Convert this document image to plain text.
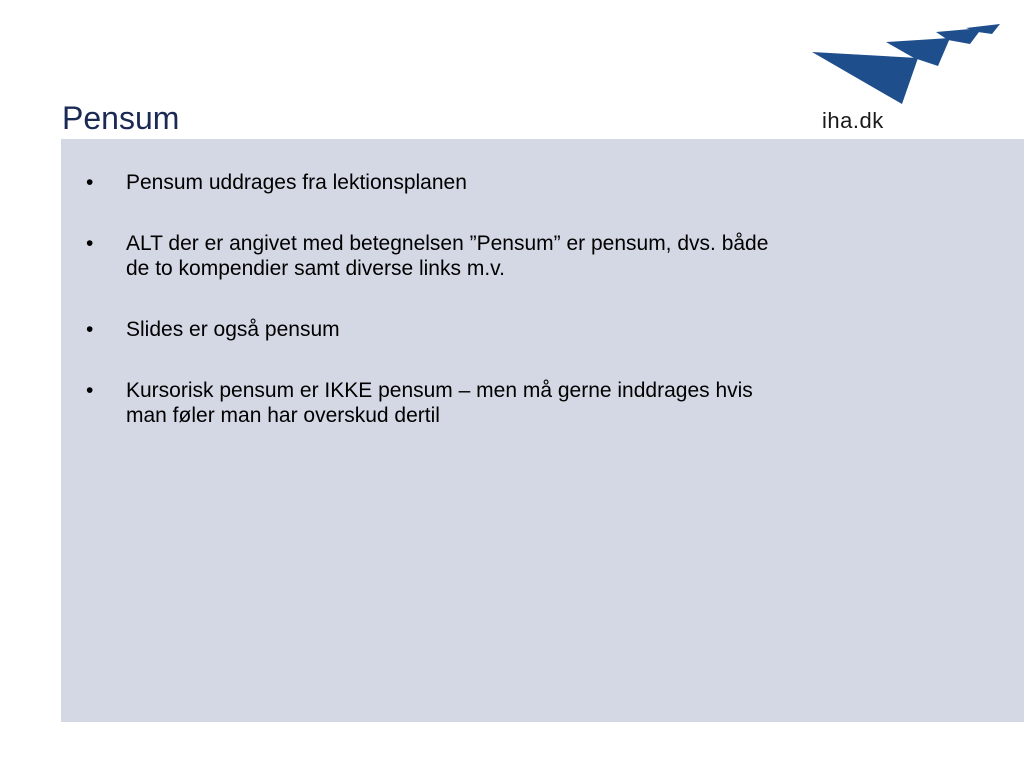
Pensum	iha.dk
•	Pensum uddrages fra lektionsplanen
•	ALT der er angivet med betegnelsen ”Pensum” er pensum, dvs. både de to kompendier samt diverse links m.v.
•	Slides er også pensum
•	Kursorisk pensum er IKKE pensum – men må gerne inddrages hvis man føler man har overskud dertil
